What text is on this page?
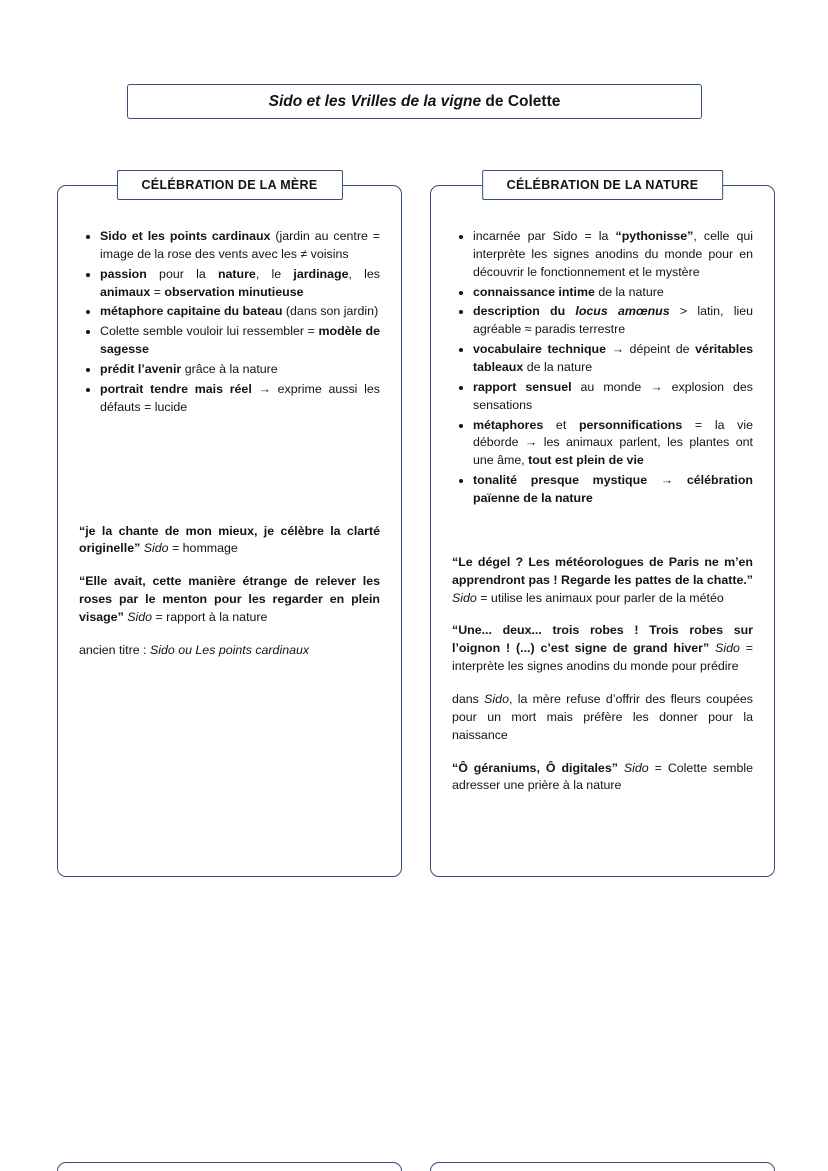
Sido et les Vrilles de la vigne de Colette
CÉLÉBRATION DE LA MÈRE
• Sido et les points cardinaux (jardin au centre = image de la rose des vents avec les ≠ voisins
• passion pour la nature, le jardinage, les animaux = observation minutieuse
• métaphore capitaine du bateau (dans son jardin)
• Colette semble vouloir lui ressembler = modèle de sagesse
• prédit l’avenir grâce à la nature
• portrait tendre mais réel → exprime aussi les défauts = lucide

“je la chante de mon mieux, je célèbre la clarté originelle” Sido = hommage

“Elle avait, cette manière étrange de relever les roses par le menton pour les regarder en plein visage” Sido = rapport à la nature

ancien titre : Sido ou Les points cardinaux

CÉLÉBRATION DE LA NATURE
• incarnée par Sido = la “pythonisse”, celle qui interprète les signes anodins du monde pour en découvrir le fonctionnement et le mystère
• connaissance intime de la nature
• description du locus amœnus > latin, lieu agréable ≈ paradis terrestre
• vocabulaire technique → dépeint de véritables tableaux de la nature
• rapport sensuel au monde → explosion des sensations
• métaphores et personnifications = la vie déborde → les animaux parlent, les plantes ont une âme, tout est plein de vie
• tonalité presque mystique → célébration païenne de la nature

“Le dégel ? Les météorologues de Paris ne m’en apprendront pas ! Regarde les pattes de la chatte.” Sido = utilise les animaux pour parler de la météo

“Une... deux... trois robes ! Trois robes sur l’oignon ! (...) c’est signe de grand hiver” Sido = interprète les signes anodins du monde pour prédire

dans Sido, la mère refuse d’offrir des fleurs coupées pour un mort mais préfère les donner pour la naissance

“Ô géraniums, Ô digitales” Sido = Colette semble adresser une prière à la nature
